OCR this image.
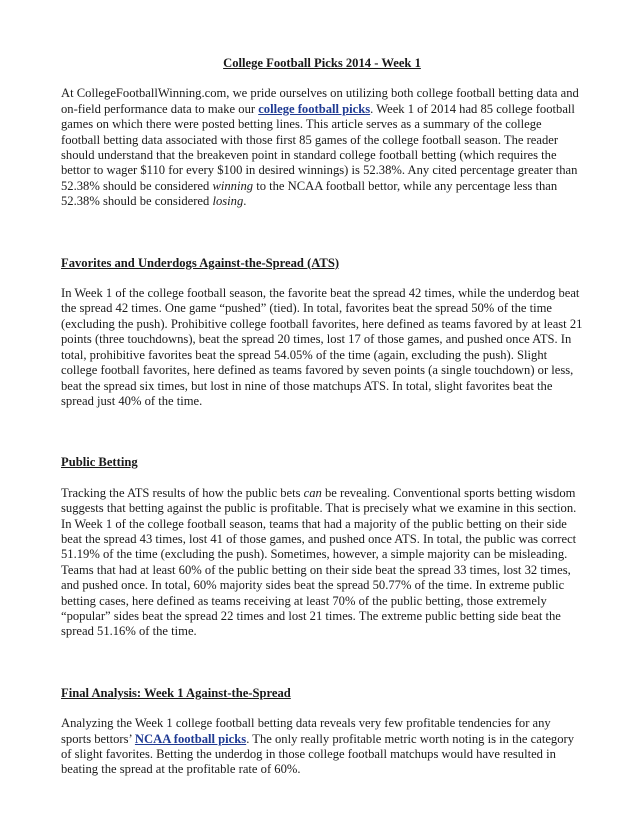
College Football Picks 2014 - Week 1

At CollegeFootballWinning.com, we pride ourselves on utilizing both college football betting data and on-field performance data to make our college football picks. Week 1 of 2014 had 85 college football games on which there were posted betting lines. This article serves as a summary of the college football betting data associated with those first 85 games of the college football season. The reader should understand that the breakeven point in standard college football betting (which requires the bettor to wager $110 for every $100 in desired winnings) is 52.38%. Any cited percentage greater than 52.38% should be considered winning to the NCAA football bettor, while any percentage less than 52.38% should be considered losing.

Favorites and Underdogs Against-the-Spread (ATS)

In Week 1 of the college football season, the favorite beat the spread 42 times, while the underdog beat the spread 42 times. One game “pushed” (tied). In total, favorites beat the spread 50% of the time (excluding the push). Prohibitive college football favorites, here defined as teams favored by at least 21 points (three touchdowns), beat the spread 20 times, lost 17 of those games, and pushed once ATS. In total, prohibitive favorites beat the spread 54.05% of the time (again, excluding the push). Slight college football favorites, here defined as teams favored by seven points (a single touchdown) or less, beat the spread six times, but lost in nine of those matchups ATS. In total, slight favorites beat the spread just 40% of the time.

Public Betting

Tracking the ATS results of how the public bets can be revealing. Conventional sports betting wisdom suggests that betting against the public is profitable. That is precisely what we examine in this section. In Week 1 of the college football season, teams that had a majority of the public betting on their side beat the spread 43 times, lost 41 of those games, and pushed once ATS. In total, the public was correct 51.19% of the time (excluding the push). Sometimes, however, a simple majority can be misleading. Teams that had at least 60% of the public betting on their side beat the spread 33 times, lost 32 times, and pushed once. In total, 60% majority sides beat the spread 50.77% of the time. In extreme public betting cases, here defined as teams receiving at least 70% of the public betting, those extremely “popular” sides beat the spread 22 times and lost 21 times. The extreme public betting side beat the spread 51.16% of the time.

Final Analysis: Week 1 Against-the-Spread

Analyzing the Week 1 college football betting data reveals very few profitable tendencies for any sports bettors’ NCAA football picks. The only really profitable metric worth noting is in the category of slight favorites. Betting the underdog in those college football matchups would have resulted in beating the spread at the profitable rate of 60%.
